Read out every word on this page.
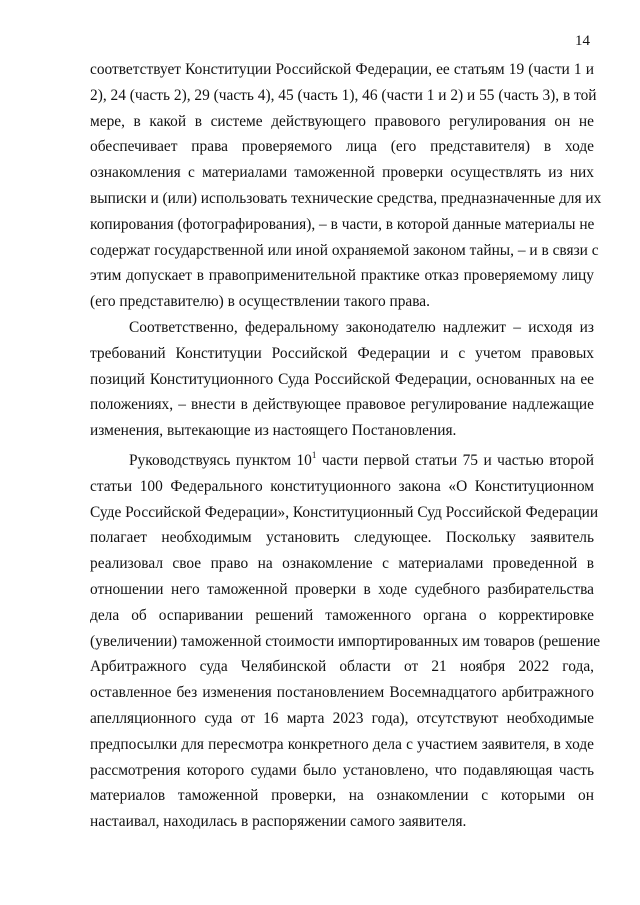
14
соответствует Конституции Российской Федерации, ее статьям 19 (части 1 и
2), 24 (часть 2), 29 (часть 4), 45 (часть 1), 46 (части 1 и 2) и 55 (часть 3), в той
мере, в какой в системе действующего правового регулирования он не
обеспечивает права проверяемого лица (его представителя) в ходе
ознакомления с материалами таможенной проверки осуществлять из них
выписки и (или) использовать технические средства, предназначенные для их
копирования (фотографирования), – в части, в которой данные материалы не
содержат государственной или иной охраняемой законом тайны, – и в связи с
этим допускает в правоприменительной практике отказ проверяемому лицу
(его представителю) в осуществлении такого права.
Соответственно, федеральному законодателю надлежит – исходя из
требований Конституции Российской Федерации и с учетом правовых
позиций Конституционного Суда Российской Федерации, основанных на ее
положениях, – внести в действующее правовое регулирование надлежащие
изменения, вытекающие из настоящего Постановления.
Руководствуясь пунктом $10^1$ части первой статьи 75 и частью второй
статьи 100 Федерального конституционного закона «О Конституционном
Суде Российской Федерации», Конституционный Суд Российской Федерации
полагает необходимым установить следующее. Поскольку заявитель
реализовал свое право на ознакомление с материалами проведенной в
отношении него таможенной проверки в ходе судебного разбирательства
дела об оспаривании решений таможенного органа о корректировке
(увеличении) таможенной стоимости импортированных им товаров (решение
Арбитражного суда Челябинской области от 21 ноября 2022 года,
оставленное без изменения постановлением Восемнадцатого арбитражного
апелляционного суда от 16 марта 2023 года), отсутствуют необходимые
предпосылки для пересмотра конкретного дела с участием заявителя, в ходе
рассмотрения которого судами было установлено, что подавляющая часть
материалов таможенной проверки, на ознакомлении с которыми он
настаивал, находилась в распоряжении самого заявителя.
